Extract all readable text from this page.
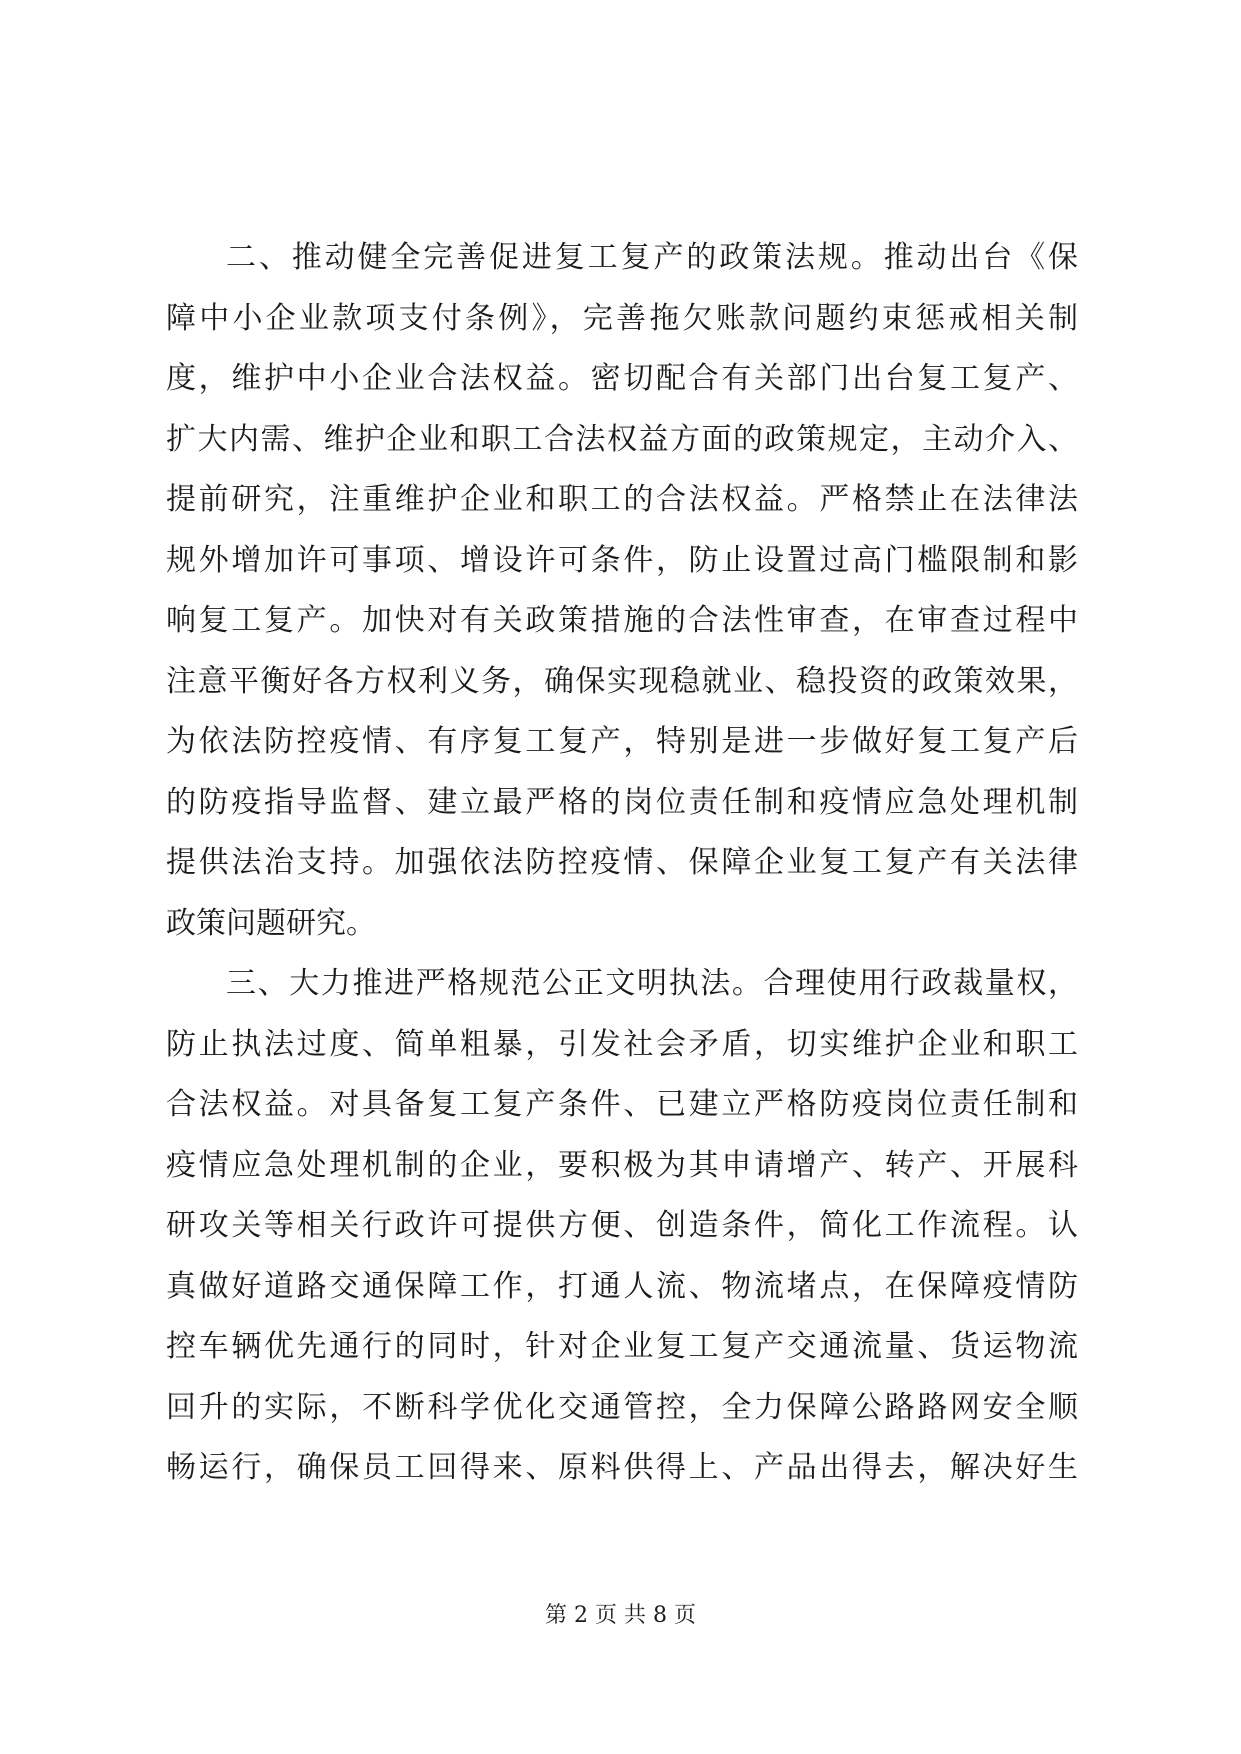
二、推动健全完善促进复工复产的政策法规。推动出台《保
障中小企业款项支付条例》，完善拖欠账款问题约束惩戒相关制
度，维护中小企业合法权益。密切配合有关部门出台复工复产、
扩大内需、维护企业和职工合法权益方面的政策规定，主动介入、
提前研究，注重维护企业和职工的合法权益。严格禁止在法律法
规外增加许可事项、增设许可条件，防止设置过高门槛限制和影
响复工复产。加快对有关政策措施的合法性审查，在审查过程中
注意平衡好各方权利义务，确保实现稳就业、稳投资的政策效果，
为依法防控疫情、有序复工复产，特别是进一步做好复工复产后
的防疫指导监督、建立最严格的岗位责任制和疫情应急处理机制
提供法治支持。加强依法防控疫情、保障企业复工复产有关法律
政策问题研究。
三、大力推进严格规范公正文明执法。合理使用行政裁量权，
防止执法过度、简单粗暴，引发社会矛盾，切实维护企业和职工
合法权益。对具备复工复产条件、已建立严格防疫岗位责任制和
疫情应急处理机制的企业，要积极为其申请增产、转产、开展科
研攻关等相关行政许可提供方便、创造条件，简化工作流程。认
真做好道路交通保障工作，打通人流、物流堵点，在保障疫情防
控车辆优先通行的同时，针对企业复工复产交通流量、货运物流
回升的实际，不断科学优化交通管控，全力保障公路路网安全顺
畅运行，确保员工回得来、原料供得上、产品出得去，解决好生
第 2 页 共 8 页
